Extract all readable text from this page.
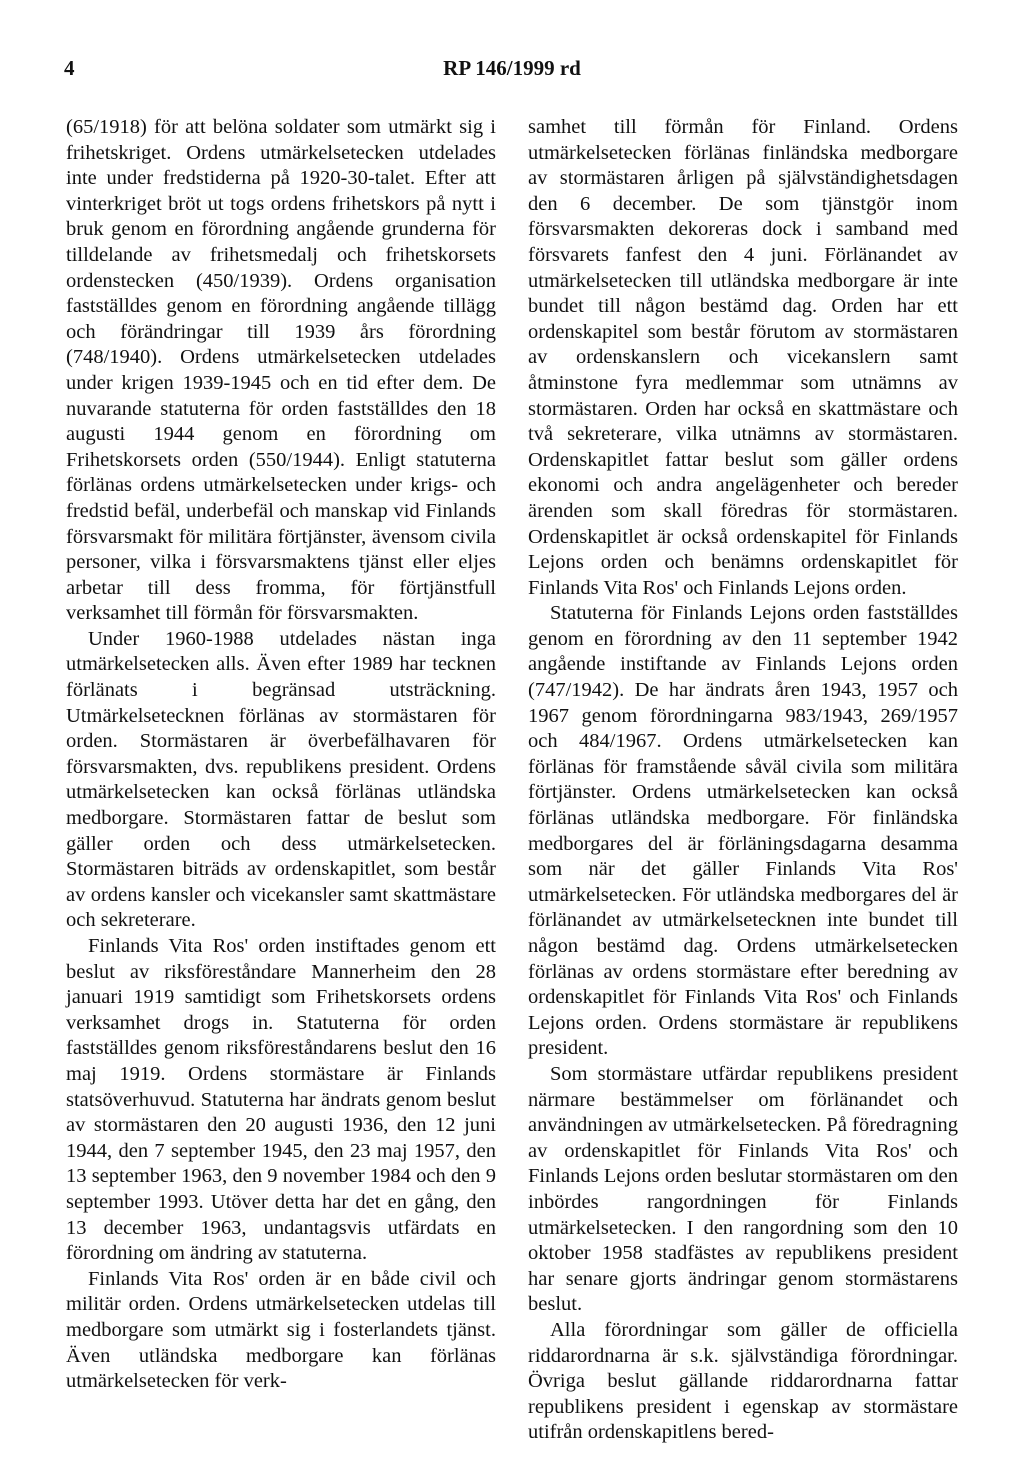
4	RP 146/1999 rd

(65/1918) för att belöna soldater som utmärkt sig i frihetskriget. Ordens utmärkelsetecken utdelades inte under fredstiderna på 1920-30-talet. Efter att vinterkriget bröt ut togs ordens frihetskors på nytt i bruk genom en förordning angående grunderna för tilldelande av frihetsmedalj och frihetskorsets ordenstecken (450/1939). Ordens organisation fastställdes genom en förordning angående tillägg och förändringar till 1939 års förordning (748/1940). Ordens utmärkelsetecken utdelades under krigen 1939-1945 och en tid efter dem. De nuvarande statuterna för orden fastställdes den 18 augusti 1944 genom en förordning om Frihetskorsets orden (550/1944). Enligt statuterna förlänas ordens utmärkelsetecken under krigs- och fredstid befäl, underbefäl och manskap vid Finlands försvarsmakt för militära förtjänster, ävensom civila personer, vilka i försvarsmaktens tjänst eller eljes arbetar till dess fromma, för förtjänstfull verksamhet till förmån för försvarsmakten.

Under 1960-1988 utdelades nästan inga utmärkelsetecken alls. Även efter 1989 har tecknen förlänats i begränsad utsträckning. Utmärkelsetecknen förlänas av stormästaren för orden. Stormästaren är överbefälhavaren för försvarsmakten, dvs. republikens president. Ordens utmärkelsetecken kan också förlänas utländska medborgare. Stormästaren fattar de beslut som gäller orden och dess utmärkelsetecken. Stormästaren biträds av ordenskapitlet, som består av ordens kansler och vicekansler samt skattmästare och sekreterare.

Finlands Vita Ros' orden instiftades genom ett beslut av riksföreståndare Mannerheim den 28 januari 1919 samtidigt som Frihetskorsets ordens verksamhet drogs in. Statuterna för orden fastställdes genom riksföreståndarens beslut den 16 maj 1919. Ordens stormästare är Finlands statsöverhuvud. Statuterna har ändrats genom beslut av stormästaren den 20 augusti 1936, den 12 juni 1944, den 7 september 1945, den 23 maj 1957, den 13 september 1963, den 9 november 1984 och den 9 september 1993. Utöver detta har det en gång, den 13 december 1963, undantagsvis utfärdats en förordning om ändring av statuterna.

Finlands Vita Ros' orden är en både civil och militär orden. Ordens utmärkelsetecken utdelas till medborgare som utmärkt sig i fosterlandets tjänst. Även utländska medborgare kan förlänas utmärkelsetecken för verk-

samhet till förmån för Finland. Ordens utmärkelsetecken förlänas finländska medborgare av stormästaren årligen på självständighetsdagen den 6 december. De som tjänstgör inom försvarsmakten dekoreras dock i samband med försvarets fanfest den 4 juni. Förlänandet av utmärkelsetecken till utländska medborgare är inte bundet till någon bestämd dag. Orden har ett ordenskapitel som består förutom av stormästaren av ordenskanslern och vicekanslern samt åtminstone fyra medlemmar som utnämns av stormästaren. Orden har också en skattmästare och två sekreterare, vilka utnämns av stormästaren. Ordenskapitlet fattar beslut som gäller ordens ekonomi och andra angelägenheter och bereder ärenden som skall föredras för stormästaren. Ordenskapitlet är också ordenskapitel för Finlands Lejons orden och benämns ordenskapitlet för Finlands Vita Ros' och Finlands Lejons orden.

Statuterna för Finlands Lejons orden fastställdes genom en förordning av den 11 september 1942 angående instiftande av Finlands Lejons orden (747/1942). De har ändrats åren 1943, 1957 och 1967 genom förordningarna 983/1943, 269/1957 och 484/1967. Ordens utmärkelsetecken kan förlänas för framstående såväl civila som militära förtjänster. Ordens utmärkelsetecken kan också förlänas utländska medborgare. För finländska medborgares del är förläningsdagarna desamma som när det gäller Finlands Vita Ros' utmärkelsetecken. För utländska medborgares del är förlänandet av utmärkelsetecknen inte bundet till någon bestämd dag. Ordens utmärkelsetecken förlänas av ordens stormästare efter beredning av ordenskapitlet för Finlands Vita Ros' och Finlands Lejons orden. Ordens stormästare är republikens president.

Som stormästare utfärdar republikens president närmare bestämmelser om förlänandet och användningen av utmärkelsetecken. På föredragning av ordenskapitlet för Finlands Vita Ros' och Finlands Lejons orden beslutar stormästaren om den inbördes rangordningen för Finlands utmärkelsetecken. I den rangordning som den 10 oktober 1958 stadfästes av republikens president har senare gjorts ändringar genom stormästarens beslut.

Alla förordningar som gäller de officiella riddarordnarna är s.k. självständiga förordningar. Övriga beslut gällande riddarordnarna fattar republikens president i egenskap av stormästare utifrån ordenskapitlens bered-
